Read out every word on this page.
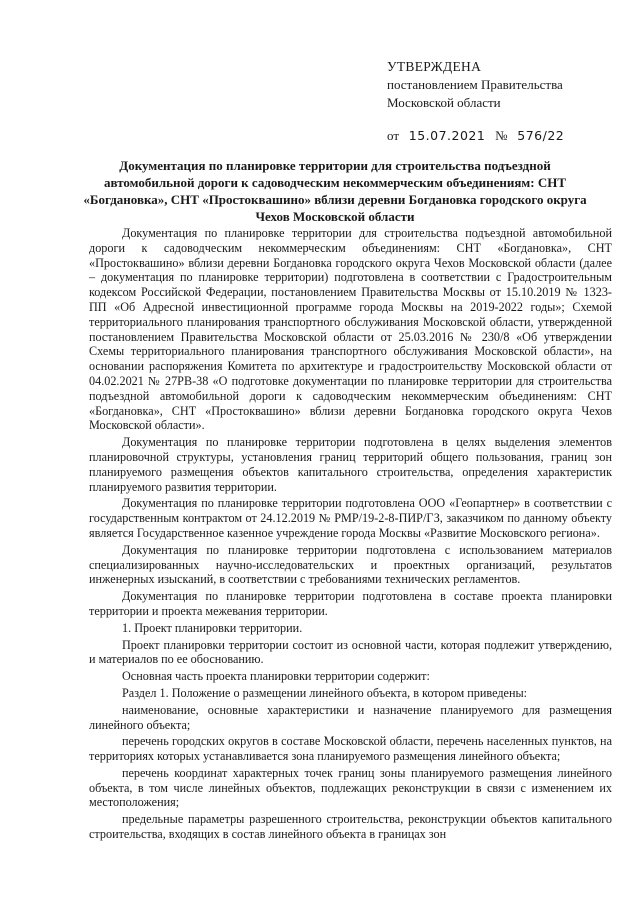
УТВЕРЖДЕНА
постановлением Правительства
Московской области
от 15.07.2021 № 576/22
Документация по планировке территории для строительства подъездной автомобильной дороги к садоводческим некоммерческим объединениям: СНТ «Богдановка», СНТ «Простоквашино» вблизи деревни Богдановка городского округа Чехов Московской области

Документация по планировке территории для строительства подъездной автомобильной дороги к садоводческим некоммерческим объединениям: СНТ «Богдановка», СНТ «Простоквашино» вблизи деревни Богдановка городского округа Чехов Московской области (далее – документация по планировке территории) подготовлена в соответствии с Градостроительным кодексом Российской Федерации, постановлением Правительства Москвы от 15.10.2019 № 1323-ПП «Об Адресной инвестиционной программе города Москвы на 2019-2022 годы»; Схемой территориального планирования транспортного обслуживания Московской области, утвержденной постановлением Правительства Московской области от 25.03.2016 № 230/8 «Об утверждении Схемы территориального планирования транспортного обслуживания Московской области», на основании распоряжения Комитета по архитектуре и градостроительству Московской области от 04.02.2021 № 27РВ-38 «О подготовке документации по планировке территории для строительства подъездной автомобильной дороги к садоводческим некоммерческим объединениям: СНТ «Богдановка», СНТ «Простоквашино» вблизи деревни Богдановка городского округа Чехов Московской области».

Документация по планировке территории подготовлена в целях выделения элементов планировочной структуры, установления границ территорий общего пользования, границ зон планируемого размещения объектов капитального строительства, определения характеристик планируемого развития территории.

Документация по планировке территории подготовлена ООО «Геопартнер» в соответствии с государственным контрактом от 24.12.2019 № РМР/19-2-8-ПИР/ГЗ, заказчиком по данному объекту является Государственное казенное учреждение города Москвы «Развитие Московского региона».

Документация по планировке территории подготовлена с использованием материалов специализированных научно-исследовательских и проектных организаций, результатов инженерных изысканий, в соответствии с требованиями технических регламентов.

Документация по планировке территории подготовлена в составе проекта планировки территории и проекта межевания территории.

1. Проект планировки территории.

Проект планировки территории состоит из основной части, которая подлежит утверждению, и материалов по ее обоснованию.

Основная часть проекта планировки территории содержит:

Раздел 1. Положение о размещении линейного объекта, в котором приведены:

наименование, основные характеристики и назначение планируемого для размещения линейного объекта;

перечень городских округов в составе Московской области, перечень населенных пунктов, на территориях которых устанавливается зона планируемого размещения линейного объекта;

перечень координат характерных точек границ зоны планируемого размещения линейного объекта, в том числе линейных объектов, подлежащих реконструкции в связи с изменением их местоположения;

предельные параметры разрешенного строительства, реконструкции объектов капитального строительства, входящих в состав линейного объекта в границах зон
